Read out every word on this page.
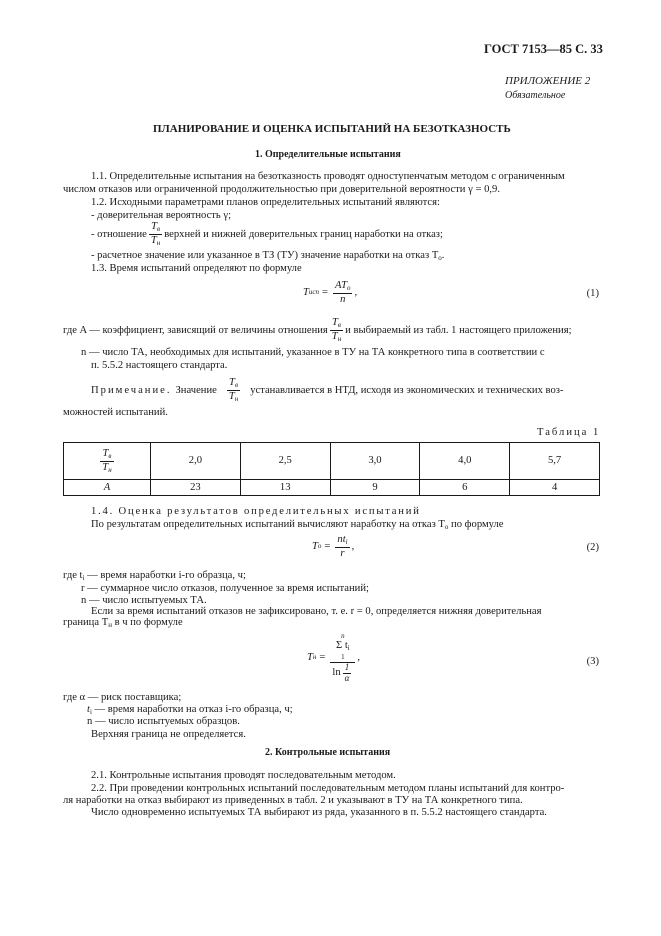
ГОСТ 7153—85 С. 33
ПРИЛОЖЕНИЕ 2
Обязательное
ПЛАНИРОВАНИЕ И ОЦЕНКА ИСПЫТАНИЙ НА БЕЗОТКАЗНОСТЬ
1. Определительные испытания
1.1. Определительные испытания на безотказность проводят одноступенчатым методом с ограниченным
числом отказов или ограниченной продолжительностью при доверительной вероятности γ = 0,9.
1.2. Исходными параметрами планов определительных испытаний являются:
- доверительная вероятность γ;
- отношение $\frac{T_в}{T_н}$ верхней и нижней доверительных границ наработки на отказ;
- расчетное значение или указанное в ТЗ (ТУ) значение наработки на отказ $T_о$.
1.3. Время испытаний определяют по формуле
T исп = $\frac{AT_о}{n}$ ,	(1)
где A — коэффициент, зависящий от величины отношения $\frac{T_в}{T_н}$ и выбираемый из табл. 1 настоящего приложения;
n — число ТА, необходимых для испытаний, указанное в ТУ на ТА конкретного типа в соответствии с
п. 5.5.2 настоящего стандарта.
Примечание. Значение $\frac{T_в}{T_н}$ устанавливается в НТД, исходя из экономических и технических воз-
можностей испытаний.
Таблица 1
$\frac{T_в}{T_н}$	2,0	2,5	3,0	4,0	5,7
A	23	13	9	6	4
1.4. Оценка результатов определительных испытаний
По результатам определительных испытаний вычисляют наработку на отказ $T_о$ по формуле
T $о = \frac{nt_i}{r}$ ,	(2)
где $t_i$ — время наработки i-го образца, ч;
r — суммарное число отказов, полученное за время испытаний;
n — число испытуемых ТА.
Если за время испытаний отказов не зафиксировано, т. е. r = 0, определяется нижняя доверительная
граница $T_н$ в ч по формуле
T н = n
Σ $t_i$
1
$\ln \frac{1}{\alpha}$ ,	(3)
где α — риск поставщика;
$t_i$ — время наработки на отказ i-го образца, ч;
n — число испытуемых образцов.
Верхняя граница не определяется.
2. Контрольные испытания
2.1. Контрольные испытания проводят последовательным методом.
2.2. При проведении контрольных испытаний последовательным методом планы испытаний для контро-
ля наработки на отказ выбирают из приведенных в табл. 2 и указывают в ТУ на ТА конкретного типа.
Число одновременно испытуемых ТА выбирают из ряда, указанного в п. 5.5.2 настоящего стандарта.
